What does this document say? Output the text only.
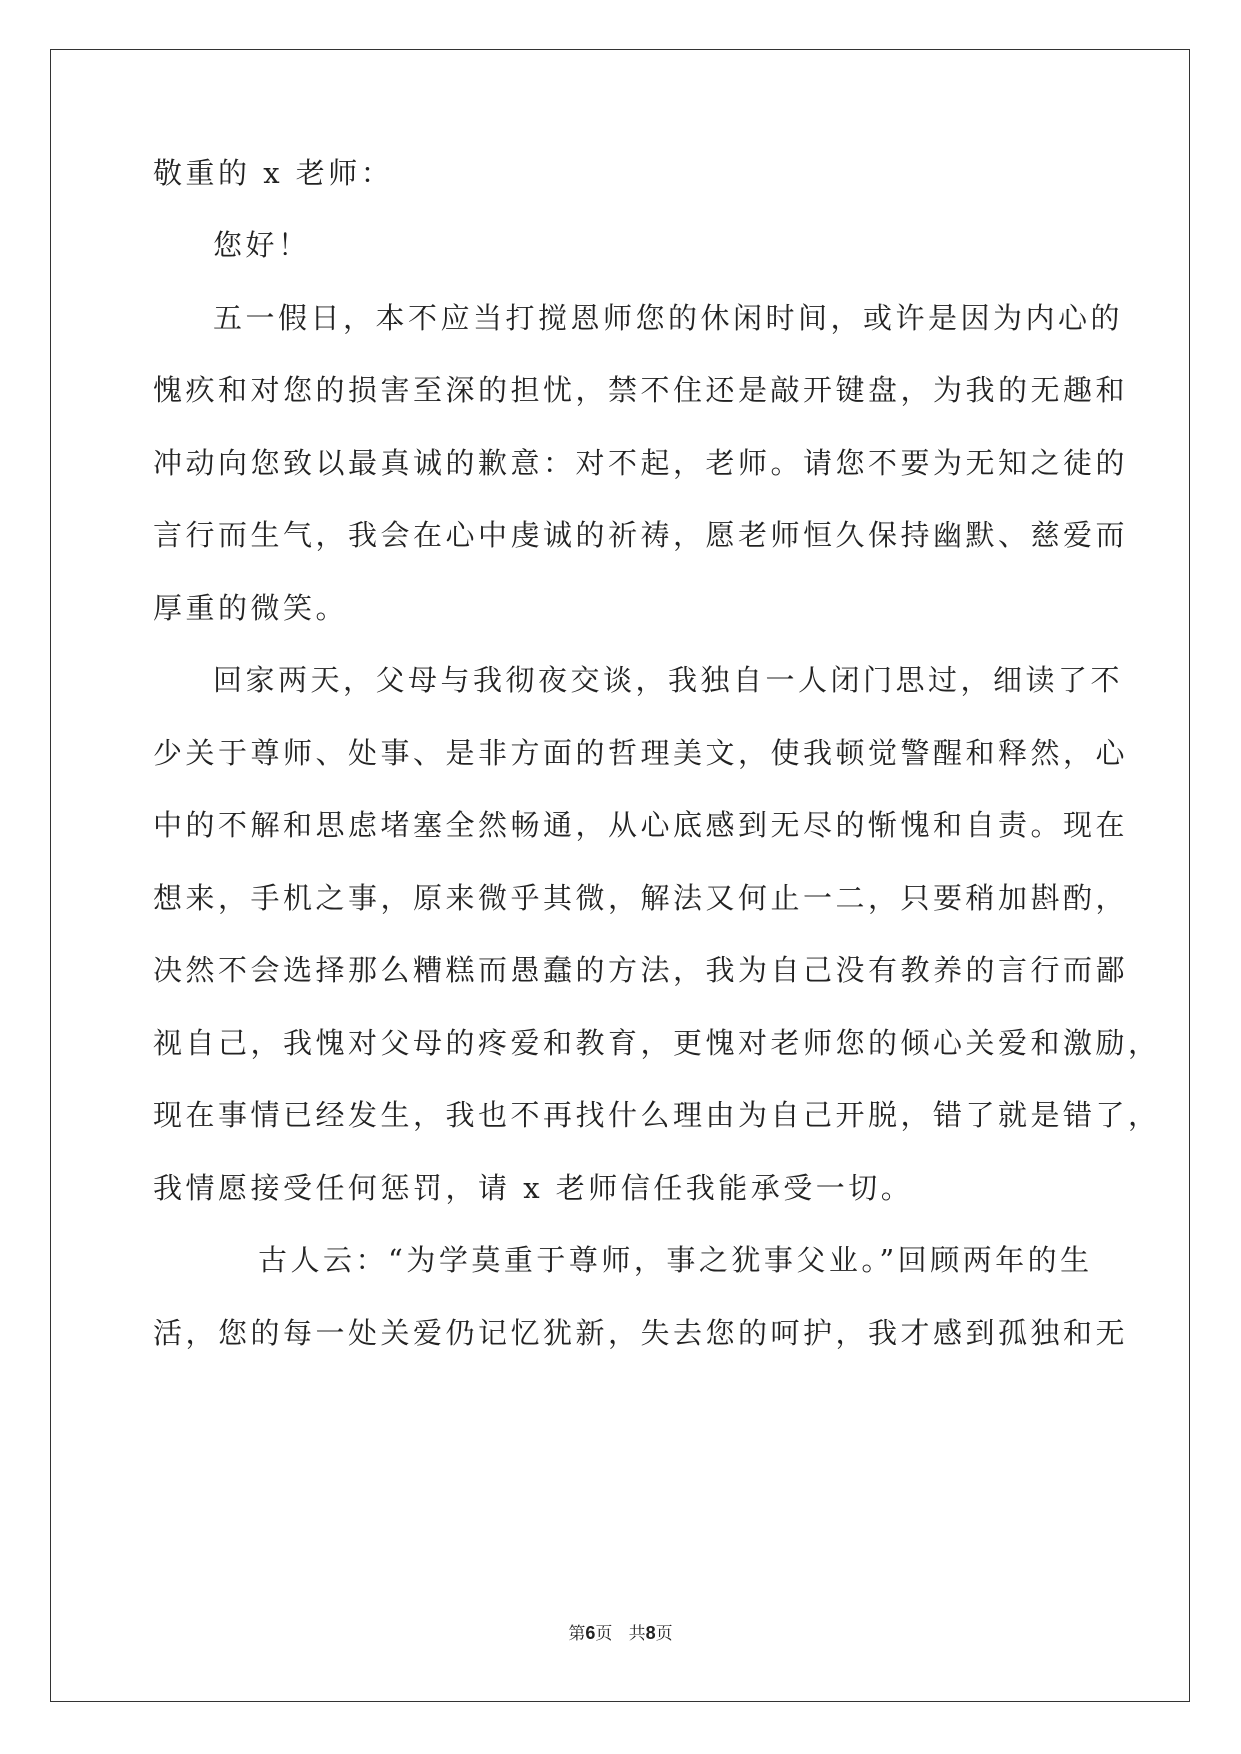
敬重的 x 老师：
您好！
五一假日，本不应当打搅恩师您的休闲时间，或许是因为内心的
愧疚和对您的损害至深的担忧，禁不住还是敲开键盘，为我的无趣和
冲动向您致以最真诚的歉意：对不起，老师。请您不要为无知之徒的
言行而生气，我会在心中虔诚的祈祷，愿老师恒久保持幽默、慈爱而
厚重的微笑。
回家两天，父母与我彻夜交谈，我独自一人闭门思过，细读了不
少关于尊师、处事、是非方面的哲理美文，使我顿觉警醒和释然，心
中的不解和思虑堵塞全然畅通，从心底感到无尽的惭愧和自责。现在
想来，手机之事，原来微乎其微，解法又何止一二，只要稍加斟酌，
决然不会选择那么糟糕而愚蠢的方法，我为自己没有教养的言行而鄙
视自己，我愧对父母的疼爱和教育，更愧对老师您的倾心关爱和激励，
现在事情已经发生，我也不再找什么理由为自己开脱，错了就是错了，
我情愿接受任何惩罚，请 x 老师信任我能承受一切。
古人云：“为学莫重于尊师，事之犹事父业。”回顾两年的生
活，您的每一处关爱仍记忆犹新，失去您的呵护，我才感到孤独和无
第6页   共8页
